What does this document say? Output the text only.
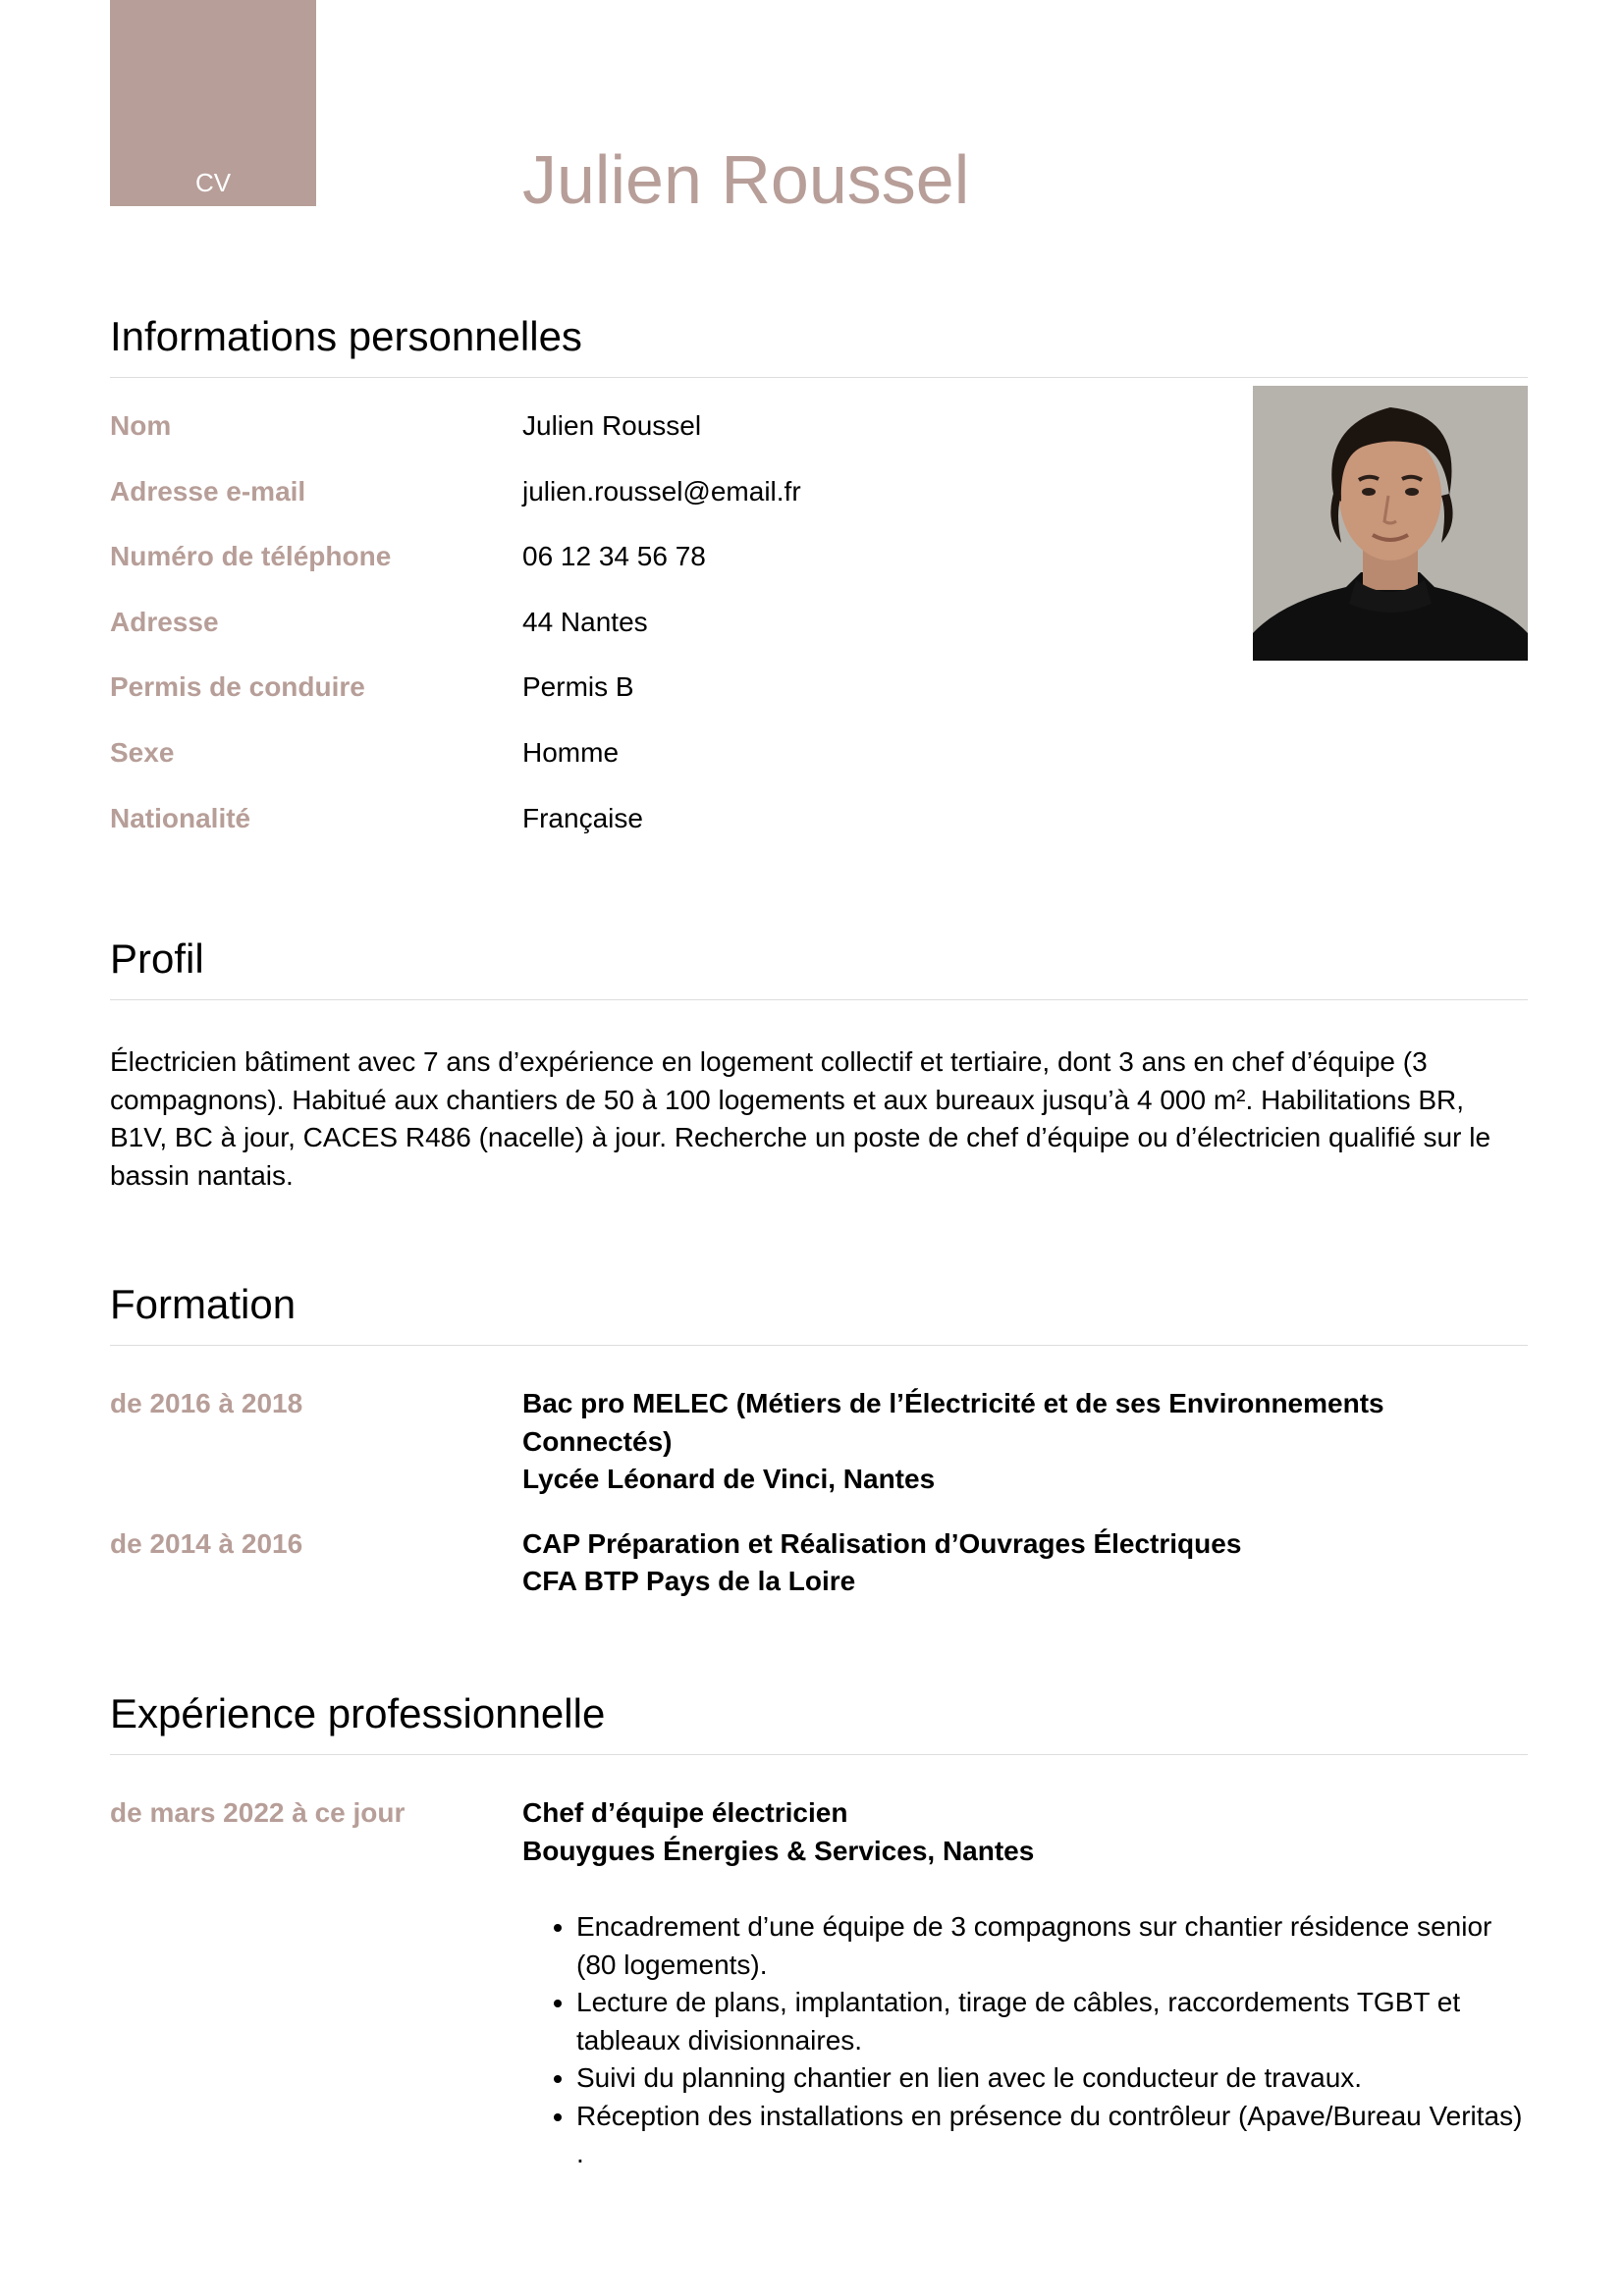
CV	Julien Roussel
Informations personnelles
Nom	Julien Roussel
Adresse e-mail	julien.roussel@email.fr
Numéro de téléphone	06 12 34 56 78
Adresse	44 Nantes
Permis de conduire	Permis B
Sexe	Homme
Nationalité	Française
Profil

Électricien bâtiment avec 7 ans d’expérience en logement collectif et tertiaire, dont 3 ans en chef d’équipe (3 compagnons). Habitué aux chantiers de 50 à 100 logements et aux bureaux jusqu’à 4 000 m². Habilitations BR, B1V, BC à jour, CACES R486 (nacelle) à jour. Recherche un poste de chef d’équipe ou d’électricien qualifié sur le bassin nantais.

Formation
de 2016 à 2018	Bac pro MELEC (Métiers de l’Électricité et de ses Environnements Connectés)
Lycée Léonard de Vinci, Nantes
de 2014 à 2016	CAP Préparation et Réalisation d’Ouvrages Électriques
CFA BTP Pays de la Loire
Expérience professionnelle
de mars 2022 à ce jour	Chef d’équipe électricien
Bouygues Énergies & Services, Nantes
• Encadrement d’une équipe de 3 compagnons sur chantier résidence senior (80 logements).
• Lecture de plans, implantation, tirage de câbles, raccordements TGBT et tableaux divisionnaires.
• Suivi du planning chantier en lien avec le conducteur de travaux.
• Réception des installations en présence du contrôleur (Apave/Bureau Veritas) .
